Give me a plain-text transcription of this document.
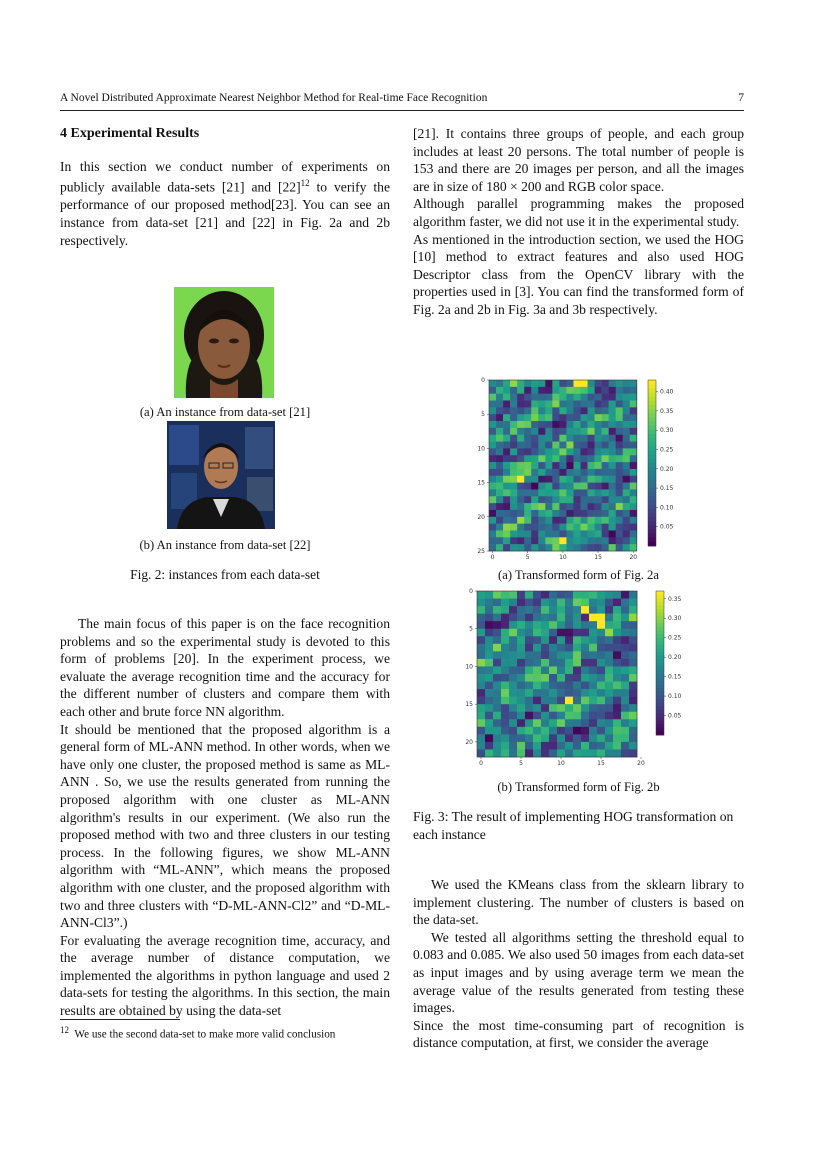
A Novel Distributed Approximate Nearest Neighbor Method for Real-time Face Recognition	7

4 Experimental Results

In this section we conduct number of experiments on publicly available data-sets [21] and $[22]^{12}$ to verify the performance of our proposed method[23]. You can see an instance from data-set [21] and [22] in Fig. 2a and 2b respectively.

(a) An instance from data-set [21]
(b) An instance from data-set [22]
Fig. 2: instances from each data-set

The main focus of this paper is on the face recognition problems and so the experimental study is devoted to this form of problems [20]. In the experiment process, we evaluate the average recognition time and the accuracy for the different number of clusters and compare them with each other and brute force NN algorithm.

It should be mentioned that the proposed algorithm is a general form of ML-ANN method. In other words, when we have only one cluster, the proposed method is same as ML-ANN . So, we use the results generated from running the proposed algorithm with one cluster as ML-ANN algorithm's results in our experiment. (We also run the proposed method with two and three clusters in our testing process. In the following figures, we show ML-ANN algorithm with “ML-ANN”, which means the proposed algorithm with one cluster, and the proposed algorithm with two and three clusters with “D-ML-ANN-Cl2” and “D-ML-ANN-Cl3”.)

For evaluating the average recognition time, accuracy, and the average number of distance computation, we implemented the algorithms in python language and used 2 data-sets for testing the algorithms. In this section, the main results are obtained by using the data-set

$^{12}$ We use the second data-set to make more valid conclusion

[21]. It contains three groups of people, and each group includes at least 20 persons. The total number of people is 153 and there are 20 images per person, and all the images are in size of 180 × 200 and RGB color space.

Although parallel programming makes the proposed algorithm faster, we did not use it in the experimental study.

As mentioned in the introduction section, we used the HOG [10] method to extract features and also used HOG Descriptor class from the OpenCV library with the properties used in [3]. You can find the transformed form of Fig. 2a and 2b in Fig. 3a and 3b respectively.

0	5	10	15	20
0
5
10
15
20
25
0.40
0.35
0.30
0.25
0.20
0.15
0.10
0.05
(a) Transformed form of Fig. 2a
0	5	10	15	20
0
5
10
15
20
0.35
0.30
0.25
0.20
0.15
0.10
0.05
(b) Transformed form of Fig. 2b
Fig. 3: The result of implementing HOG transformation on each instance

We used the KMeans class from the sklearn library to implement clustering. The number of clusters is based on the data-set.

We tested all algorithms setting the threshold equal to 0.083 and 0.085. We also used 50 images from each data-set as input images and by using average term we mean the average value of the results generated from testing these images.

Since the most time-consuming part of recognition is distance computation, at first, we consider the average
